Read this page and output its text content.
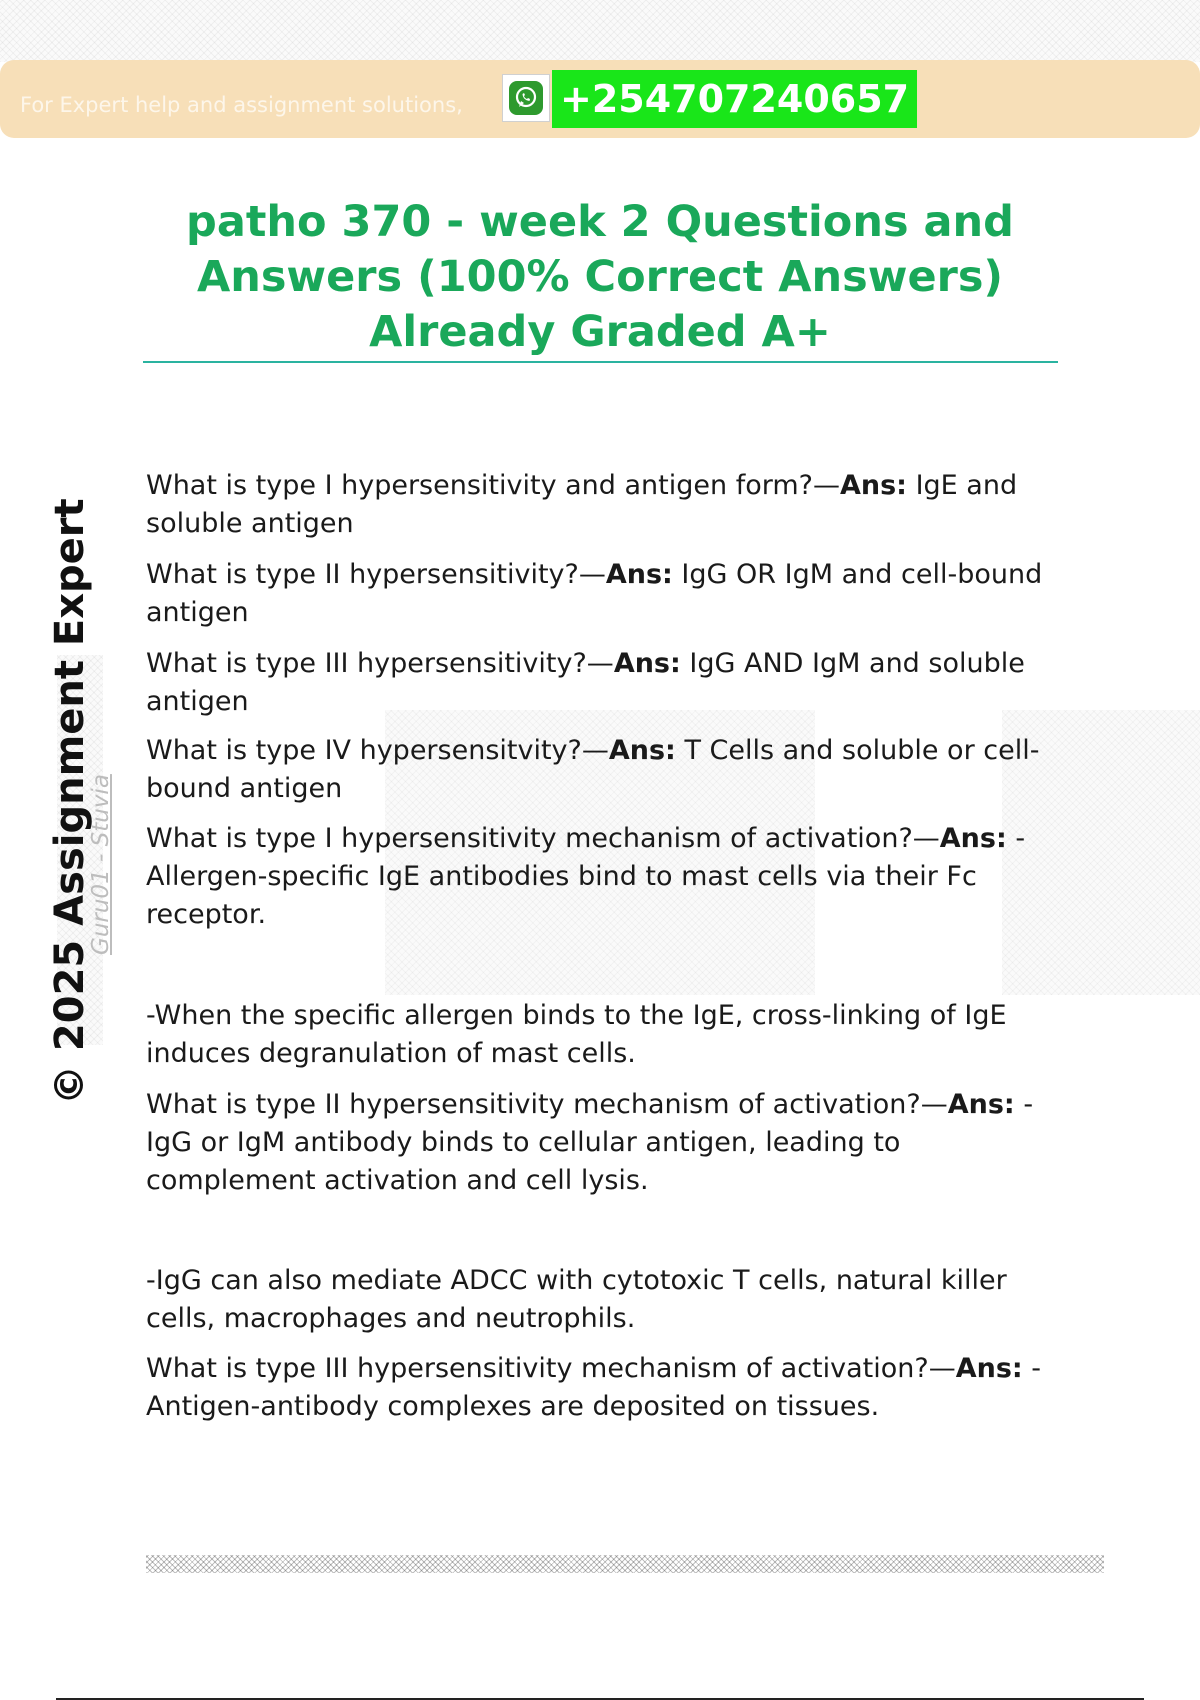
For Expert help and assignment solutions,	+254707240657
patho 370 - week 2 Questions and Answers (100% Correct Answers) Already Graded A+

What is type I hypersensitivity and antigen form?—Ans: IgE and soluble antigen

What is type II hypersensitivity?—Ans: IgG OR IgM and cell-bound antigen

What is type III hypersensitivity?—Ans: IgG AND IgM and soluble antigen

What is type IV hypersensitvity?—Ans: T Cells and soluble or cell-bound antigen

What is type I hypersensitivity mechanism of activation?—Ans: -Allergen-specific IgE antibodies bind to mast cells via their Fc receptor.

-When the specific allergen binds to the IgE, cross-linking of IgE induces degranulation of mast cells.

What is type II hypersensitivity mechanism of activation?—Ans: -IgG or IgM antibody binds to cellular antigen, leading to complement activation and cell lysis.

-IgG can also mediate ADCC with cytotoxic T cells, natural killer cells, macrophages and neutrophils.

What is type III hypersensitivity mechanism of activation?—Ans: -Antigen-antibody complexes are deposited on tissues.

© 2025 Assignment Expert
Guru01 - Stuvia
